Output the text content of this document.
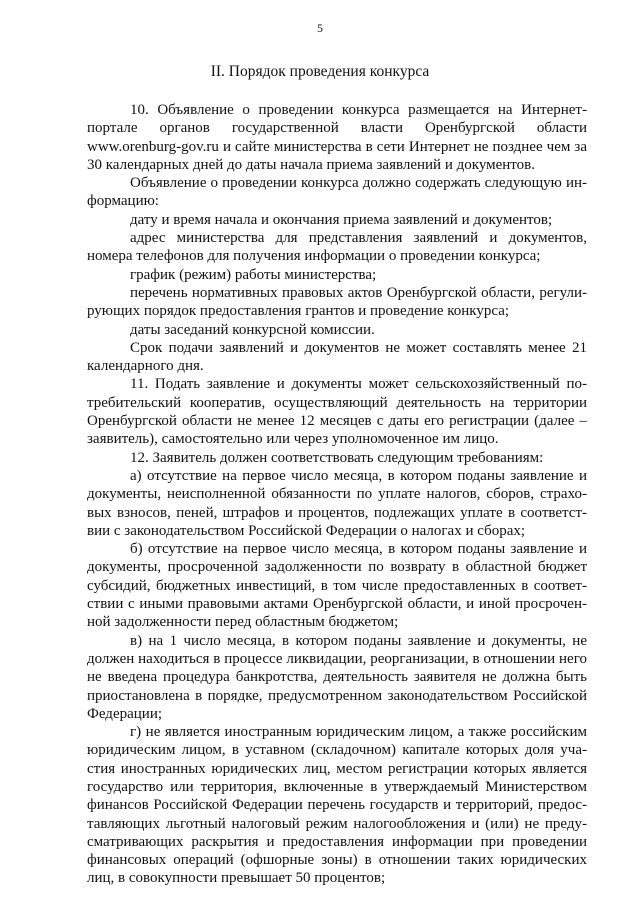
5
II. Порядок проведения конкурса

10. Объявление о проведении конкурса размещается на Интернет-портале органов государственной власти Оренбургской области www.orenburg-gov.ru и сайте министерства в сети Интернет не позднее чем за 30 календарных дней до даты начала приема заявлений и документов.

Объявление о проведении конкурса должно содержать следующую информацию:

дату и время начала и окончания приема заявлений и документов;

адрес министерства для представления заявлений и документов, номера телефонов для получения информации о проведении конкурса;

график (режим) работы министерства;

перечень нормативных правовых актов Оренбургской области, регулирующих порядок предоставления грантов и проведение конкурса;

даты заседаний конкурсной комиссии.

Срок подачи заявлений и документов не может составлять менее 21 календарного дня.

11. Подать заявление и документы может сельскохозяйственный потребительский кооператив, осуществляющий деятельность на территории Оренбургской области не менее 12 месяцев с даты его регистрации (далее – заявитель), самостоятельно или через уполномоченное им лицо.

12. Заявитель должен соответствовать следующим требованиям:

а) отсутствие на первое число месяца, в котором поданы заявление и документы, неисполненной обязанности по уплате налогов, сборов, страховых взносов, пеней, штрафов и процентов, подлежащих уплате в соответствии с законодательством Российской Федерации о налогах и сборах;

б) отсутствие на первое число месяца, в котором поданы заявление и документы, просроченной задолженности по возврату в областной бюджет субсидий, бюджетных инвестиций, в том числе предоставленных в соответствии с иными правовыми актами Оренбургской области, и иной просроченной задолженности перед областным бюджетом;

в) на 1 число месяца, в котором поданы заявление и документы, не должен находиться в процессе ликвидации, реорганизации, в отношении него не введена процедура банкротства, деятельность заявителя не должна быть приостановлена в порядке, предусмотренном законодательством Российской Федерации;

г) не является иностранным юридическим лицом, а также российским юридическим лицом, в уставном (складочном) капитале которых доля участия иностранных юридических лиц, местом регистрации которых является государство или территория, включенные в утверждаемый Министерством финансов Российской Федерации перечень государств и территорий, предоставляющих льготный налоговый режим налогообложения и (или) не предусматривающих раскрытия и предоставления информации при проведении финансовых операций (офшорные зоны) в отношении таких юридических лиц, в совокупности превышает 50 процентов;
